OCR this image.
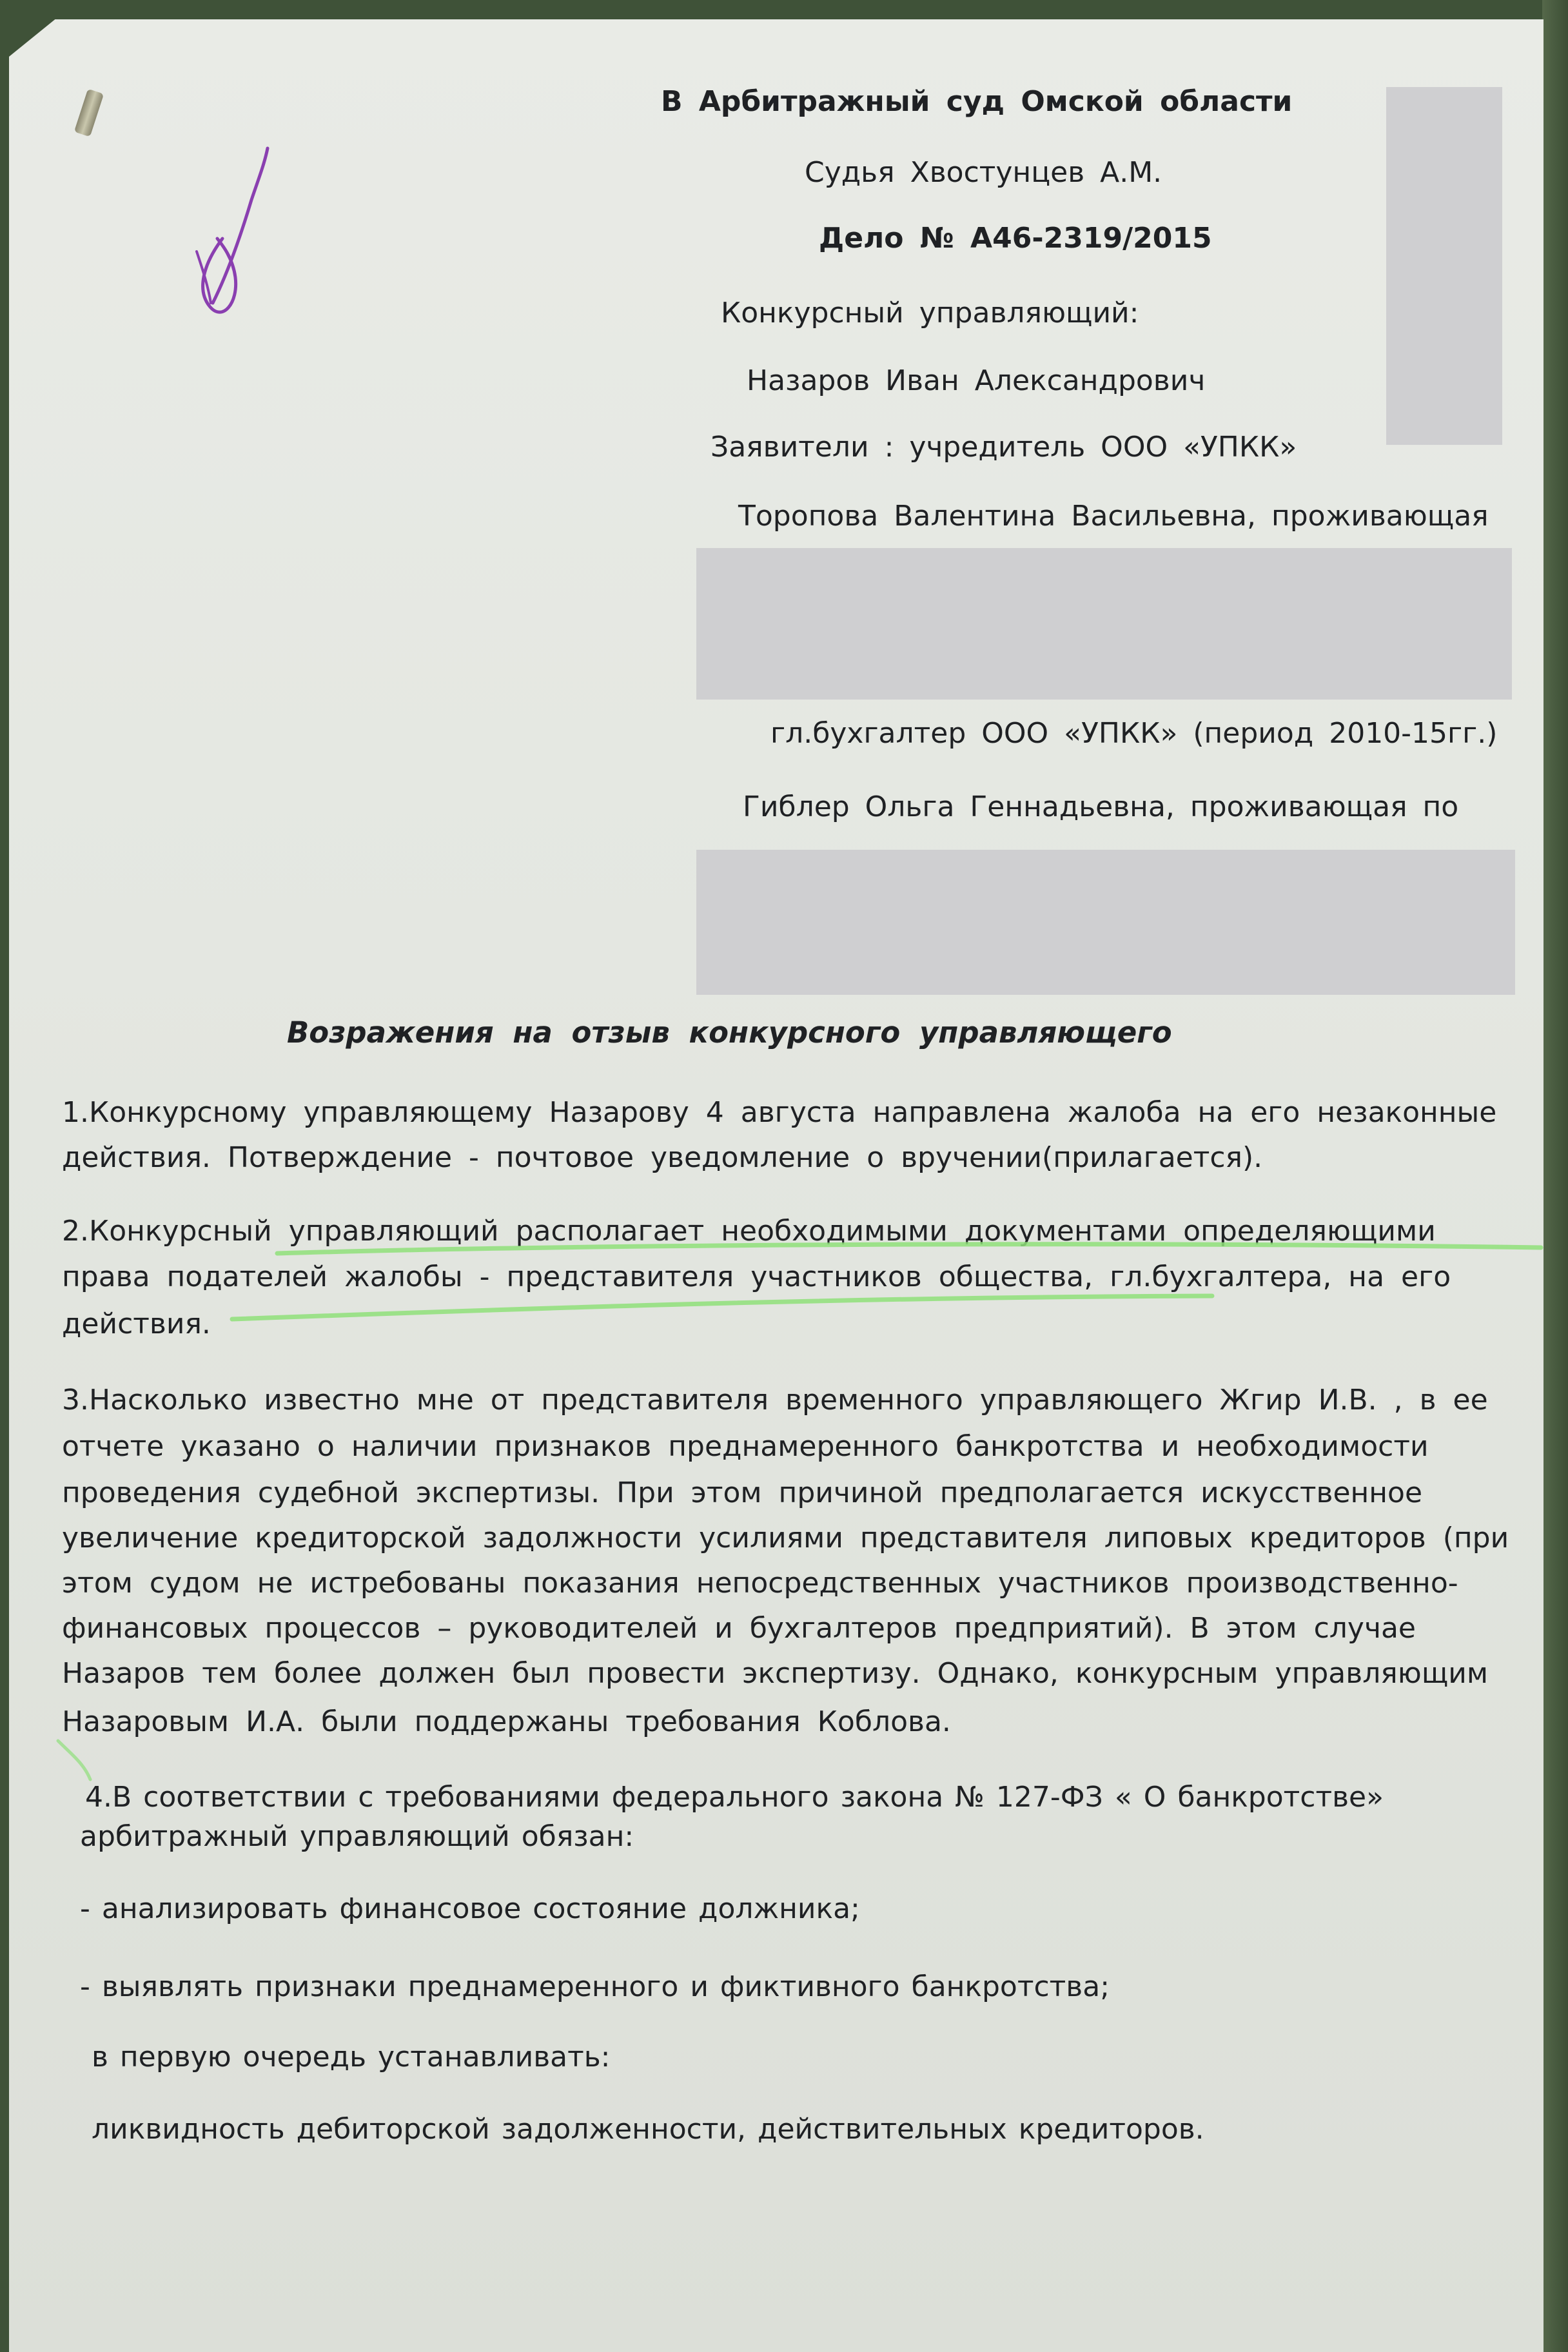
В Арбитражный суд Омской области
Судья Хвостунцев А.М.
Дело № А46-2319/2015
Конкурсный управляющий:
Назаров Иван Александрович
Заявители : учредитель ООО «УПКК»
Торопова Валентина Васильевна, проживающая
гл.бухгалтер ООО «УПКК» (период 2010-15гг.)
Гиблер Ольга Геннадьевна, проживающая по
Возражения на отзыв конкурсного управляющего
1.Конкурсному управляющему Назарову 4 августа направлена жалоба на его незаконные
действия. Потверждение - почтовое уведомление о вручении(прилагается).
2.Конкурсный управляющий располагает необходимыми документами определяющими
права подателей жалобы - представителя участников общества, гл.бухгалтера, на его
действия.
3.Насколько известно мне от представителя временного управляющего Жгир И.В. , в ее
отчете указано о наличии признаков преднамеренного банкротства и необходимости
проведения судебной экспертизы. При этом причиной предполагается искусственное
увеличение кредиторской задолжности усилиями представителя липовых кредиторов (при
этом судом не истребованы показания непосредственных участников производственно-
финансовых процессов – руководителей и бухгалтеров предприятий). В этом случае
Назаров тем более должен был провести экспертизу. Однако, конкурсным управляющим
Назаровым И.А. были поддержаны требования Коблова.
4.В соответствии с требованиями федерального закона № 127-ФЗ « О банкротстве»
арбитражный управляющий обязан:
- анализировать финансовое состояние должника;
- выявлять признаки преднамеренного и фиктивного банкротства;
в первую очередь устанавливать:
ликвидность дебиторской задолженности, действительных кредиторов.
